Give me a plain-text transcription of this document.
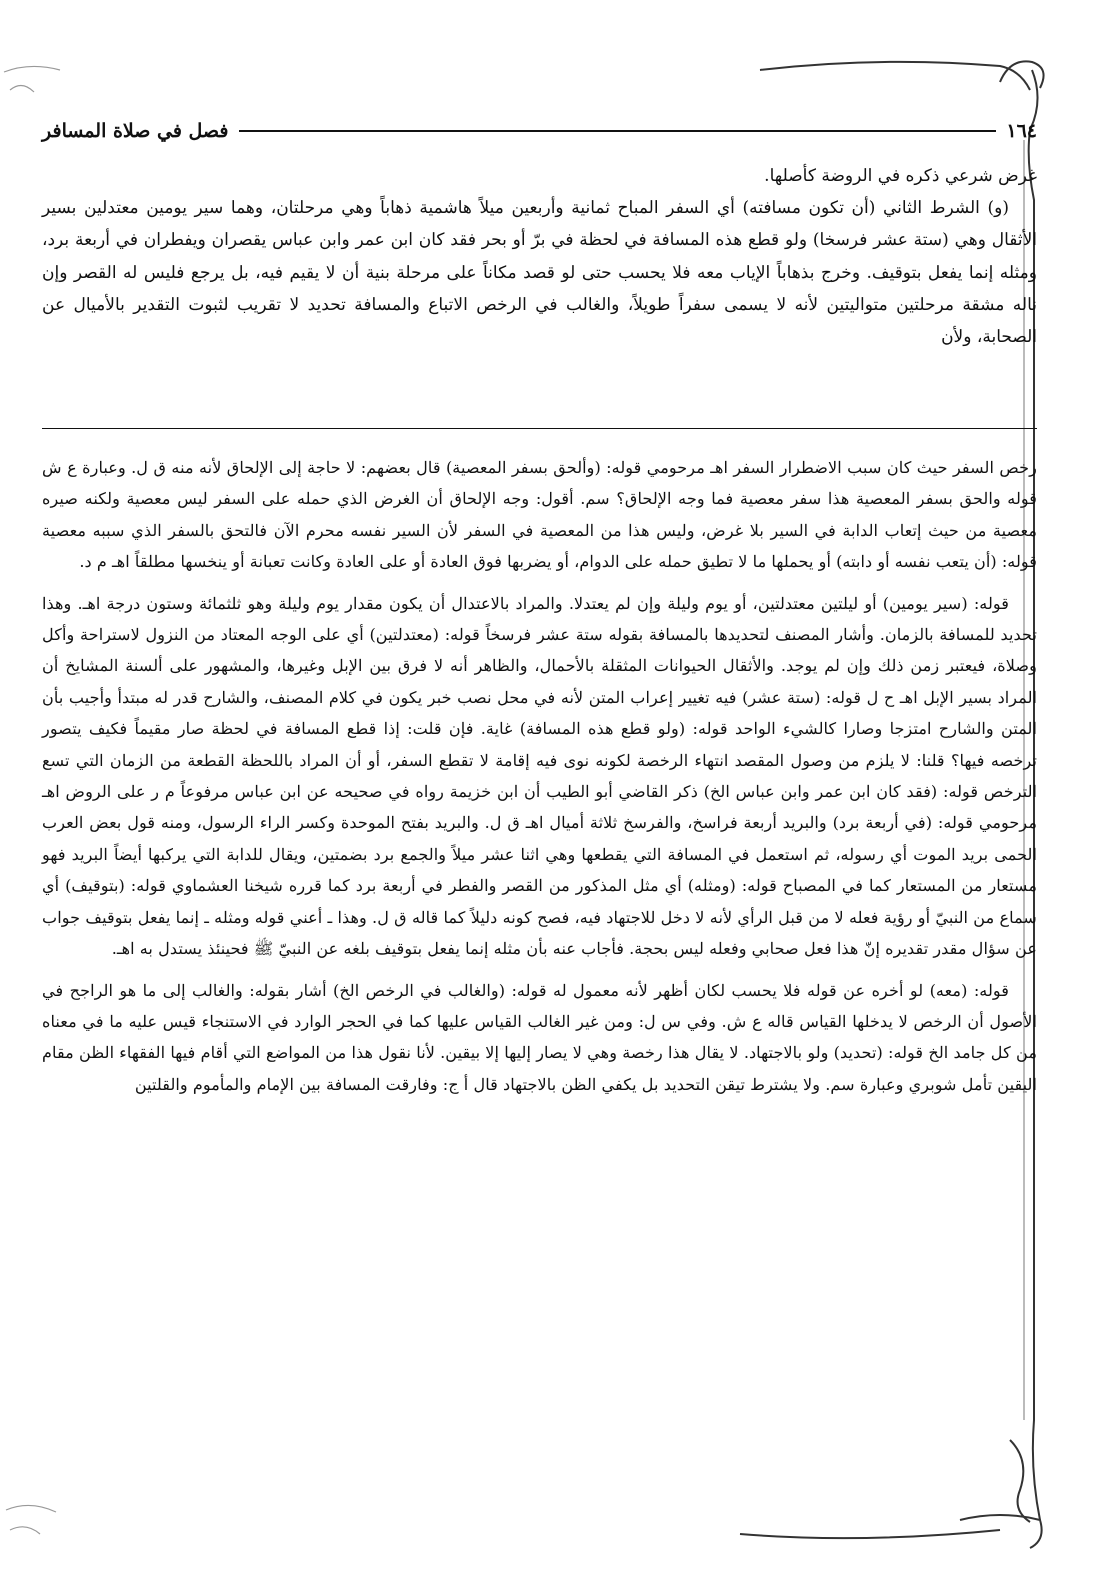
١٦٤
فصل في صلاة المسافر

غرض شرعي ذكره في الروضة كأصلها.

(و) الشرط الثاني (أن تكون مسافته) أي السفر المباح ثمانية وأربعين ميلاً هاشمية ذهاباً وهي مرحلتان، وهما سير يومين معتدلين بسير الأثقال وهي (ستة عشر فرسخا) ولو قطع هذه المسافة في لحظة في برّ أو بحر فقد كان ابن عمر وابن عباس يقصران ويفطران في أربعة برد، ومثله إنما يفعل بتوقيف. وخرج بذهاباً الإياب معه فلا يحسب حتى لو قصد مكاناً على مرحلة بنية أن لا يقيم فيه، بل يرجع فليس له القصر وإن ناله مشقة مرحلتين متواليتين لأنه لا يسمى سفراً طويلاً، والغالب في الرخص الاتباع والمسافة تحديد لا تقريب لثبوت التقدير بالأميال عن الصحابة، ولأن

رخص السفر حيث كان سبب الاضطرار السفر اهـ مرحومي قوله: (وألحق بسفر المعصية) قال بعضهم: لا حاجة إلى الإلحاق لأنه منه ق ل. وعبارة ع ش قوله والحق بسفر المعصية هذا سفر معصية فما وجه الإلحاق؟ سم. أقول: وجه الإلحاق أن الغرض الذي حمله على السفر ليس معصية ولكنه صيره معصية من حيث إتعاب الدابة في السير بلا غرض، وليس هذا من المعصية في السفر لأن السير نفسه محرم الآن فالتحق بالسفر الذي سببه معصية قوله: (أن يتعب نفسه أو دابته) أو يحملها ما لا تطيق حمله على الدوام، أو يضربها فوق العادة أو على العادة وكانت تعبانة أو ينخسها مطلقاً اهـ م د.

قوله: (سير يومين) أو ليلتين معتدلتين، أو يوم وليلة وإن لم يعتدلا. والمراد بالاعتدال أن يكون مقدار يوم وليلة وهو ثلثمائة وستون درجة اهـ. وهذا تحديد للمسافة بالزمان. وأشار المصنف لتحديدها بالمسافة بقوله ستة عشر فرسخاً قوله: (معتدلتين) أي على الوجه المعتاد من النزول لاستراحة وأكل وصلاة، فيعتبر زمن ذلك وإن لم يوجد. والأثقال الحيوانات المثقلة بالأحمال، والظاهر أنه لا فرق بين الإبل وغيرها، والمشهور على ألسنة المشايخ أن المراد بسير الإبل اهـ ح ل قوله: (ستة عشر) فيه تغيير إعراب المتن لأنه في محل نصب خبر يكون في كلام المصنف، والشارح قدر له مبتدأ وأجيب بأن المتن والشارح امتزجا وصارا كالشيء الواحد قوله: (ولو قطع هذه المسافة) غاية. فإن قلت: إذا قطع المسافة في لحظة صار مقيماً فكيف يتصور ترخصه فيها؟ قلنا: لا يلزم من وصول المقصد انتهاء الرخصة لكونه نوى فيه إقامة لا تقطع السفر، أو أن المراد باللحظة القطعة من الزمان التي تسع الترخص قوله: (فقد كان ابن عمر وابن عباس الخ) ذكر القاضي أبو الطيب أن ابن خزيمة رواه في صحيحه عن ابن عباس مرفوعاً م ر على الروض اهـ مرحومي قوله: (في أربعة برد) والبريد أربعة فراسخ، والفرسخ ثلاثة أميال اهـ ق ل. والبريد بفتح الموحدة وكسر الراء الرسول، ومنه قول بعض العرب الحمى بريد الموت أي رسوله، ثم استعمل في المسافة التي يقطعها وهي اثنا عشر ميلاً والجمع برد بضمتين، ويقال للدابة التي يركبها أيضاً البريد فهو مستعار من المستعار كما في المصباح قوله: (ومثله) أي مثل المذكور من القصر والفطر في أربعة برد كما قرره شيخنا العشماوي قوله: (بتوقيف) أي سماع من النبيّ أو رؤية فعله لا من قبل الرأي لأنه لا دخل للاجتهاد فيه، فصح كونه دليلاً كما قاله ق ل. وهذا ـ أعني قوله ومثله ـ إنما يفعل بتوقيف جواب عن سؤال مقدر تقديره إنّ هذا فعل صحابي وفعله ليس بحجة. فأجاب عنه بأن مثله إنما يفعل بتوقيف بلغه عن النبيّ ﷺ فحينئذ يستدل به اهـ.

قوله: (معه) لو أخره عن قوله فلا يحسب لكان أظهر لأنه معمول له قوله: (والغالب في الرخص الخ) أشار بقوله: والغالب إلى ما هو الراجح في الأصول أن الرخص لا يدخلها القياس قاله ع ش. وفي س ل: ومن غير الغالب القياس عليها كما في الحجر الوارد في الاستنجاء قيس عليه ما في معناه من كل جامد الخ قوله: (تحديد) ولو بالاجتهاد. لا يقال هذا رخصة وهي لا يصار إليها إلا بيقين. لأنا نقول هذا من المواضع التي أقام فيها الفقهاء الظن مقام اليقين تأمل شوبري وعبارة سم. ولا يشترط تيقن التحديد بل يكفي الظن بالاجتهاد قال أ ج: وفارقت المسافة بين الإمام والمأموم والقلتين
